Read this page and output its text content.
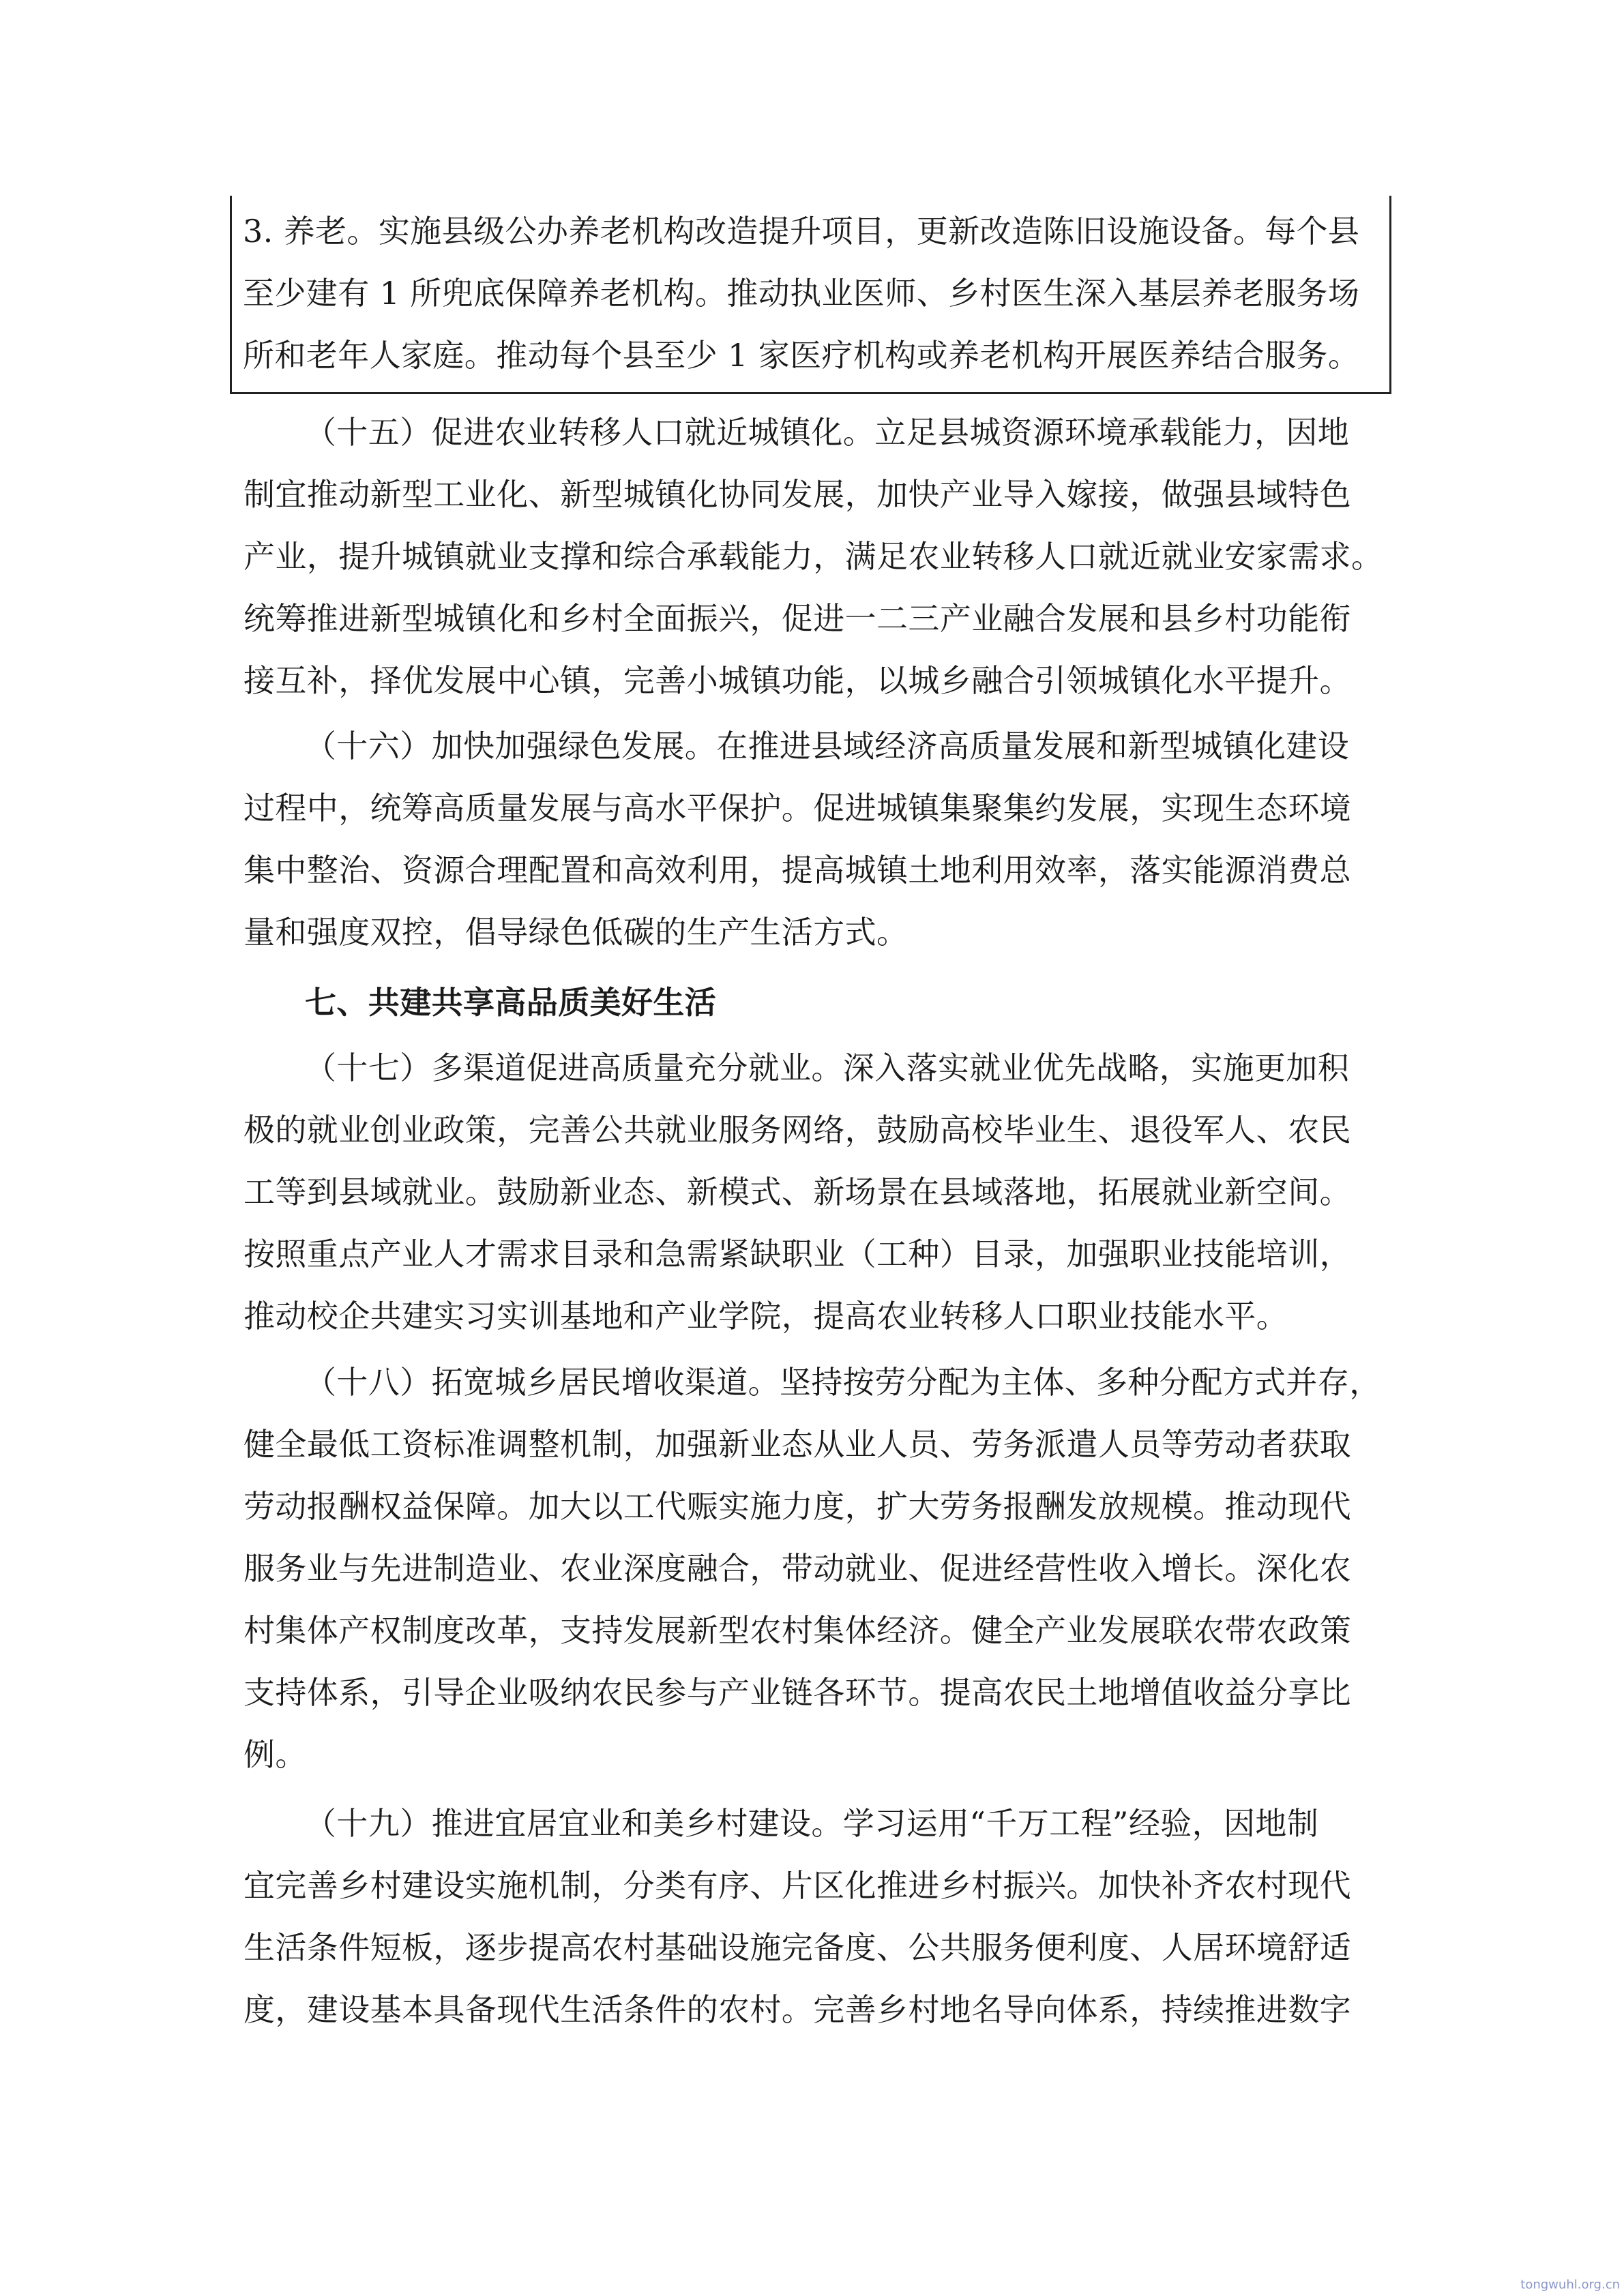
3. 养老。实施县级公办养老机构改造提升项目，更新改造陈旧设施设备。每个县
至少建有 1 所兜底保障养老机构。推动执业医师、乡村医生深入基层养老服务场
所和老年人家庭。推动每个县至少 1 家医疗机构或养老机构开展医养结合服务。
（十五）促进农业转移人口就近城镇化。立足县城资源环境承载能力，因地
制宜推动新型工业化、新型城镇化协同发展，加快产业导入嫁接，做强县域特色
产业，提升城镇就业支撑和综合承载能力，满足农业转移人口就近就业安家需求。
统筹推进新型城镇化和乡村全面振兴，促进一二三产业融合发展和县乡村功能衔
接互补，择优发展中心镇，完善小城镇功能，以城乡融合引领城镇化水平提升。
（十六）加快加强绿色发展。在推进县域经济高质量发展和新型城镇化建设
过程中，统筹高质量发展与高水平保护。促进城镇集聚集约发展，实现生态环境
集中整治、资源合理配置和高效利用，提高城镇土地利用效率，落实能源消费总
量和强度双控，倡导绿色低碳的生产生活方式。
七、共建共享高品质美好生活
（十七）多渠道促进高质量充分就业。深入落实就业优先战略，实施更加积
极的就业创业政策，完善公共就业服务网络，鼓励高校毕业生、退役军人、农民
工等到县域就业。鼓励新业态、新模式、新场景在县域落地，拓展就业新空间。
按照重点产业人才需求目录和急需紧缺职业（工种）目录，加强职业技能培训，
推动校企共建实习实训基地和产业学院，提高农业转移人口职业技能水平。
（十八）拓宽城乡居民增收渠道。坚持按劳分配为主体、多种分配方式并存，
健全最低工资标准调整机制，加强新业态从业人员、劳务派遣人员等劳动者获取
劳动报酬权益保障。加大以工代赈实施力度，扩大劳务报酬发放规模。推动现代
服务业与先进制造业、农业深度融合，带动就业、促进经营性收入增长。深化农
村集体产权制度改革，支持发展新型农村集体经济。健全产业发展联农带农政策
支持体系，引导企业吸纳农民参与产业链各环节。提高农民土地增值收益分享比
例。
（十九）推进宜居宜业和美乡村建设。学习运用“千万工程”经验，因地制
宜完善乡村建设实施机制，分类有序、片区化推进乡村振兴。加快补齐农村现代
生活条件短板，逐步提高农村基础设施完备度、公共服务便利度、人居环境舒适
度，建设基本具备现代生活条件的农村。完善乡村地名导向体系，持续推进数字
tongwuhl.org.cn
